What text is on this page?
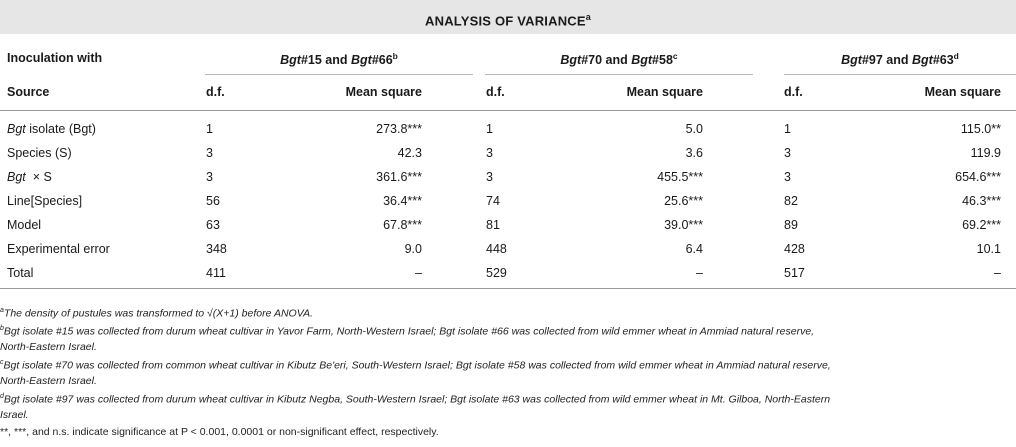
ANALYSIS OF VARIANCE$^a$
Inoculation with	Bgt#15 and Bgt#66$^b$	Bgt#70 and Bgt#58$^c$	Bgt#97 and Bgt#63$^d$
Source	d.f.	Mean square	d.f.	Mean square	d.f.	Mean square
Bgt isolate (Bgt)	1	273.8***	1	5.0	1	115.0**
Species (S)	3	42.3	3	3.6	3	119.9
Bgt  × S	3	361.6***	3	455.5***	3	654.6***
Line[Species]	56	36.4***	74	25.6***	82	46.3***
Model	63	67.8***	81	39.0***	89	69.2***
Experimental error	348	9.0	448	6.4	428	10.1
Total	411	–	529	–	517	–
$^a$The density of pustules was transformed to √(X+1) before ANOVA.
$^b$Bgt isolate #15 was collected from durum wheat cultivar in Yavor Farm, North-Western Israel; Bgt isolate #66 was collected from wild emmer wheat in Ammiad natural reserve,
North-Eastern Israel.
$^c$Bgt isolate #70 was collected from common wheat cultivar in Kibutz Be'eri, South-Western Israel; Bgt isolate #58 was collected from wild emmer wheat in Ammiad natural reserve,
North-Eastern Israel.
$^d$Bgt isolate #97 was collected from durum wheat cultivar in Kibutz Negba, South-Western Israel; Bgt isolate #63 was collected from wild emmer wheat in Mt. Gilboa, North-Eastern
Israel.
**, ***, and n.s. indicate significance at P < 0.001, 0.0001 or non-significant effect, respectively.
